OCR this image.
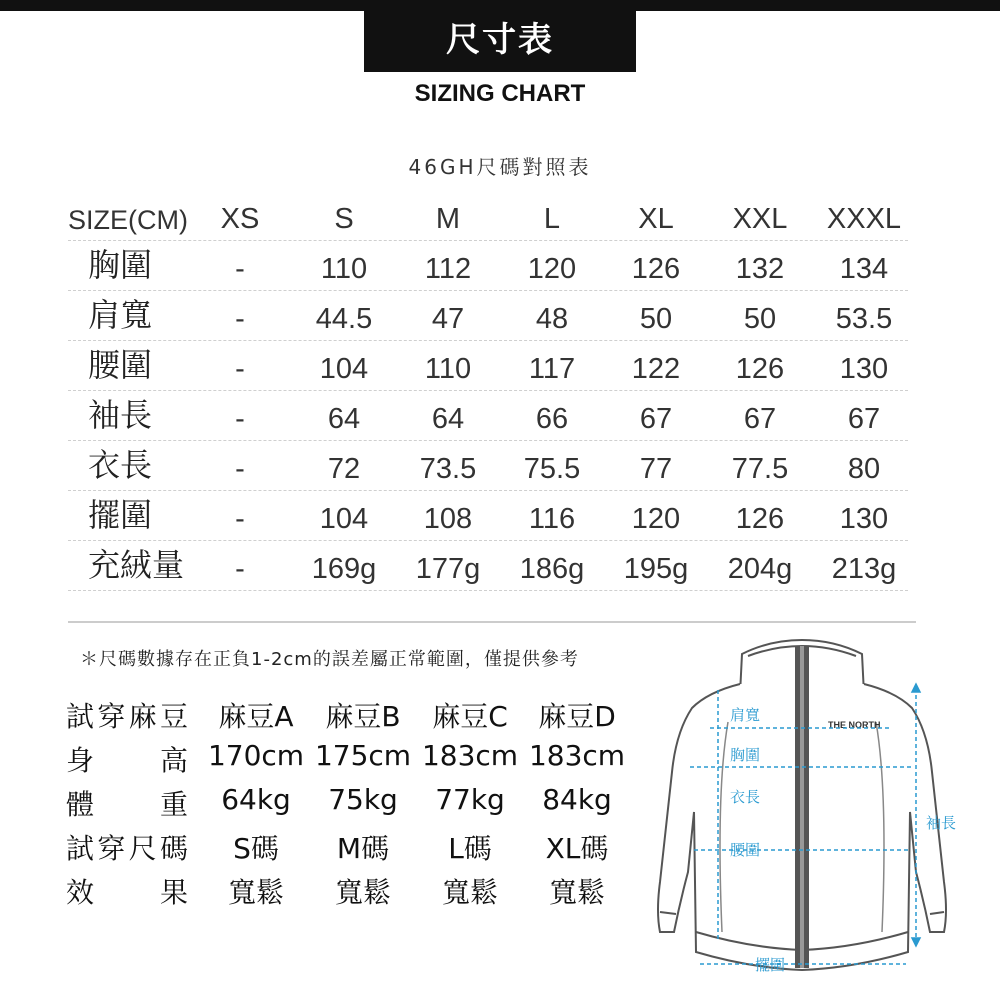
尺寸表
SIZING CHART
46GH尺碼對照表
SIZE(CM)	XS	S	M	L	XL	XXL	XXXL
胸圍	-	110	112	120	126	132	134
肩寬	-	44.5	47	48	50	50	53.5
腰圍	-	104	110	117	122	126	130
袖長	-	64	64	66	67	67	67
衣長	-	72	73.5	75.5	77	77.5	80
擺圍	-	104	108	116	120	126	130
充絨量	-	169g	177g	186g	195g	204g	213g
＊尺碼數據存在正負1-2cm的誤差屬正常範圍，僅提供參考
試穿麻豆	麻豆A	麻豆B	麻豆C	麻豆D
身高 170cm 175cm 183cm 183cm
體重	64kg	75kg	77kg	84kg
試穿尺碼	S碼	M碼	L碼	XL碼
效果	寬鬆	寬鬆	寬鬆	寬鬆
THE NORTH
肩寬
胸圍
衣長
腰圍
袖長
擺圍
